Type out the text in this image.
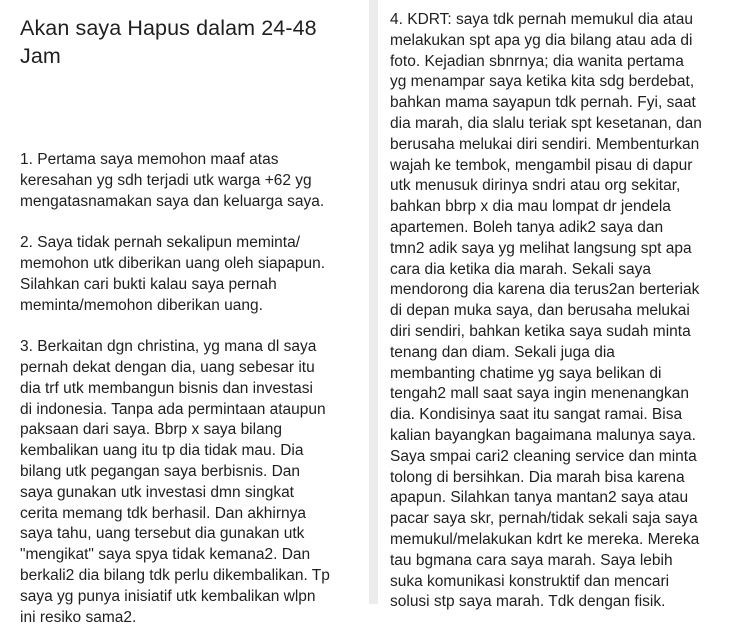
Akan saya Hapus dalam 24-48
Jam
1. Pertama saya memohon maaf atas
keresahan yg sdh terjadi utk warga +62 yg
mengatasnamakan saya dan keluarga saya.
2. Saya tidak pernah sekalipun meminta/
memohon utk diberikan uang oleh siapapun.
Silahkan cari bukti kalau saya pernah
meminta/memohon diberikan uang.
3. Berkaitan dgn christina, yg mana dl saya
pernah dekat dengan dia, uang sebesar itu
dia trf utk membangun bisnis dan investasi
di indonesia. Tanpa ada permintaan ataupun
paksaan dari saya. Bbrp x saya bilang
kembalikan uang itu tp dia tidak mau. Dia
bilang utk pegangan saya berbisnis. Dan
saya gunakan utk investasi dmn singkat
cerita memang tdk berhasil. Dan akhirnya
saya tahu, uang tersebut dia gunakan utk
"mengikat" saya spya tidak kemana2. Dan
berkali2 dia bilang tdk perlu dikembalikan. Tp
saya yg punya inisiatif utk kembalikan wlpn
ini resiko sama2.
4. KDRT: saya tdk pernah memukul dia atau
melakukan spt apa yg dia bilang atau ada di
foto. Kejadian sbnrnya; dia wanita pertama
yg menampar saya ketika kita sdg berdebat,
bahkan mama sayapun tdk pernah. Fyi, saat
dia marah, dia slalu teriak spt kesetanan, dan
berusaha melukai diri sendiri. Membenturkan
wajah ke tembok, mengambil pisau di dapur
utk menusuk dirinya sndri atau org sekitar,
bahkan bbrp x dia mau lompat dr jendela
apartemen. Boleh tanya adik2 saya dan
tmn2 adik saya yg melihat langsung spt apa
cara dia ketika dia marah. Sekali saya
mendorong dia karena dia terus2an berteriak
di depan muka saya, dan berusaha melukai
diri sendiri, bahkan ketika saya sudah minta
tenang dan diam. Sekali juga dia
membanting chatime yg saya belikan di
tengah2 mall saat saya ingin menenangkan
dia. Kondisinya saat itu sangat ramai. Bisa
kalian bayangkan bagaimana malunya saya.
Saya smpai cari2 cleaning service dan minta
tolong di bersihkan. Dia marah bisa karena
apapun. Silahkan tanya mantan2 saya atau
pacar saya skr, pernah/tidak sekali saja saya
memukul/melakukan kdrt ke mereka. Mereka
tau bgmana cara saya marah. Saya lebih
suka komunikasi konstruktif dan mencari
solusi stp saya marah. Tdk dengan fisik.
